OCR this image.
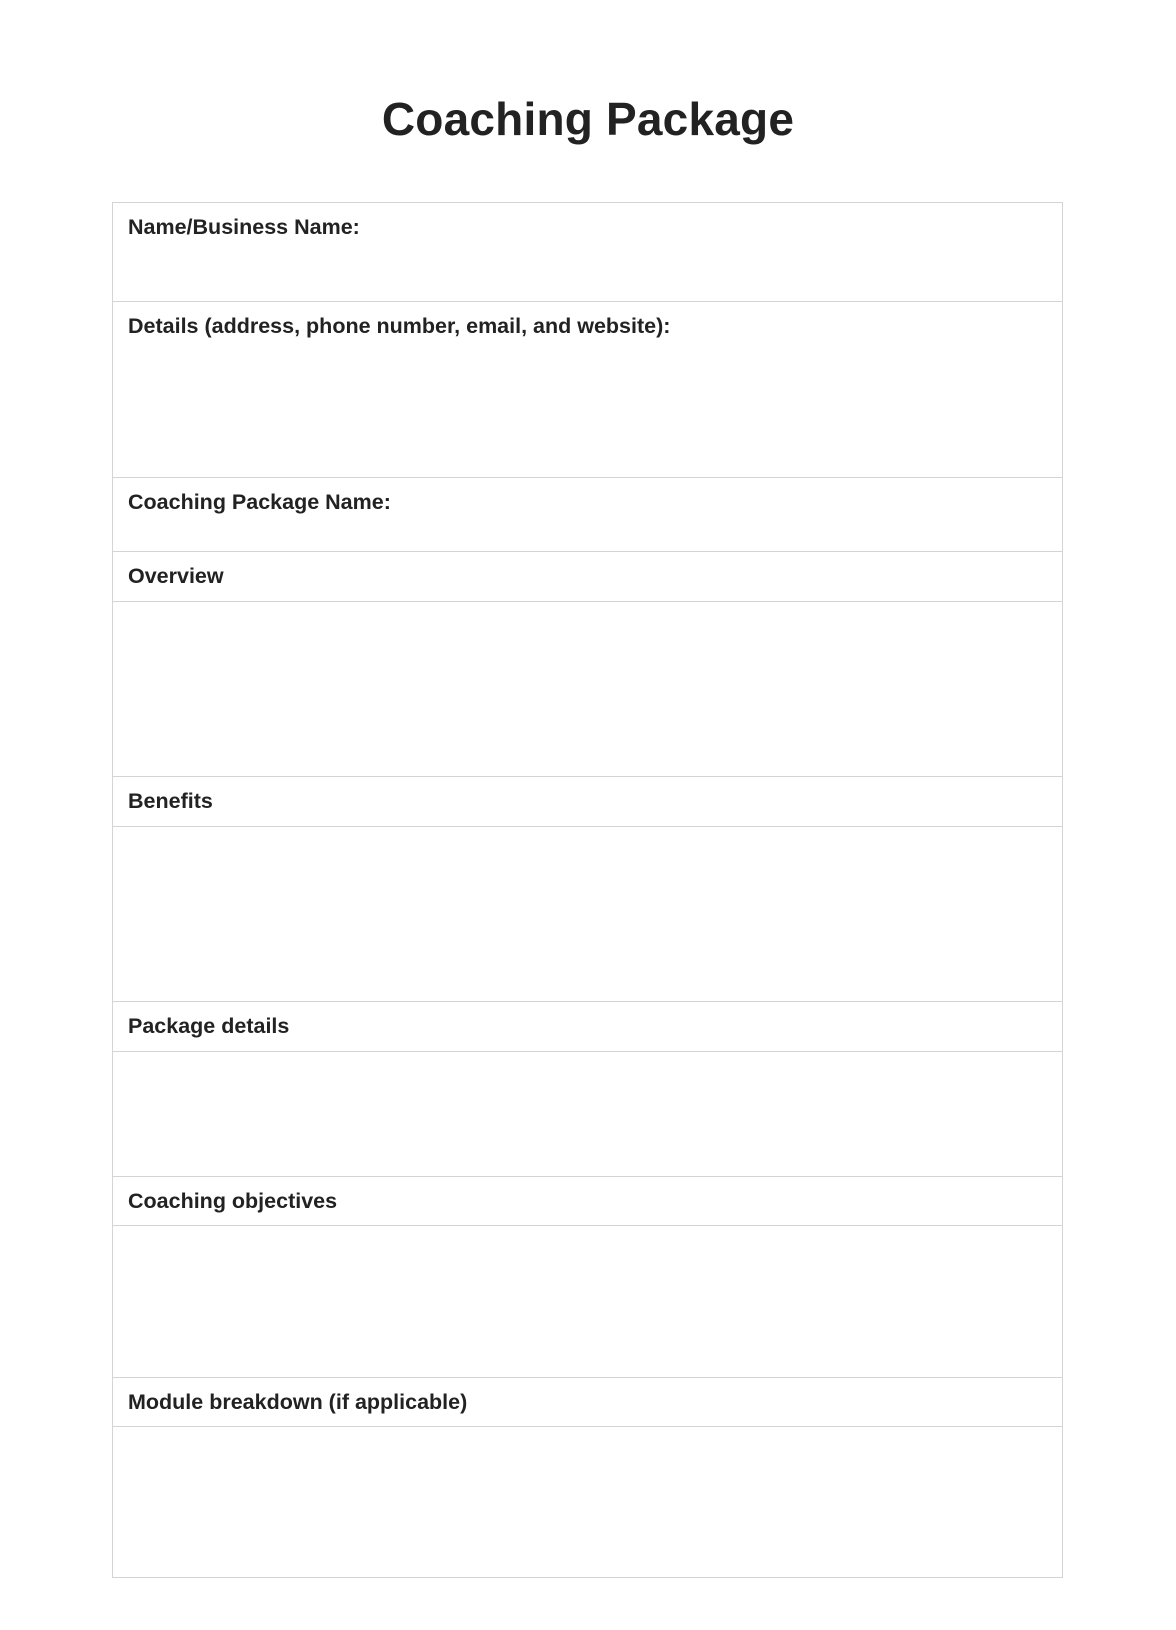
Coaching Package
Name/Business Name:
Details (address, phone number, email, and website):
Coaching Package Name:
Overview
Benefits
Package details
Coaching objectives
Module breakdown (if applicable)
